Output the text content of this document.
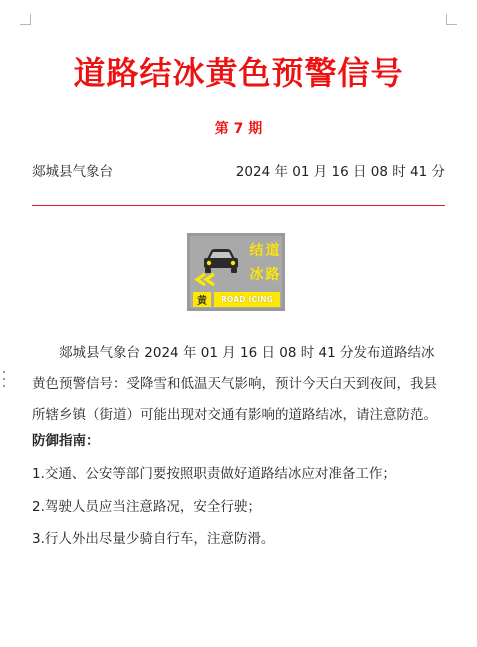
道路结冰黄色预警信号
第 7 期
郯城县气象台	2024 年 01 月 16 日 08 时 41 分
结 道
冰 路
黄	ROAD ICING
郯城县气象台 2024 年 01 月 16 日 08 时 41 分发布道路结冰黄色预警信号：受降雪和低温天气影响，预计今天白天到夜间，我县所辖乡镇（街道）可能出现对交通有影响的道路结冰，请注意防范。
防御指南：
1.交通、公安等部门要按照职责做好道路结冰应对准备工作；
2.驾驶人员应当注意路况，安全行驶；
3.行人外出尽量少骑自行车，注意防滑。
